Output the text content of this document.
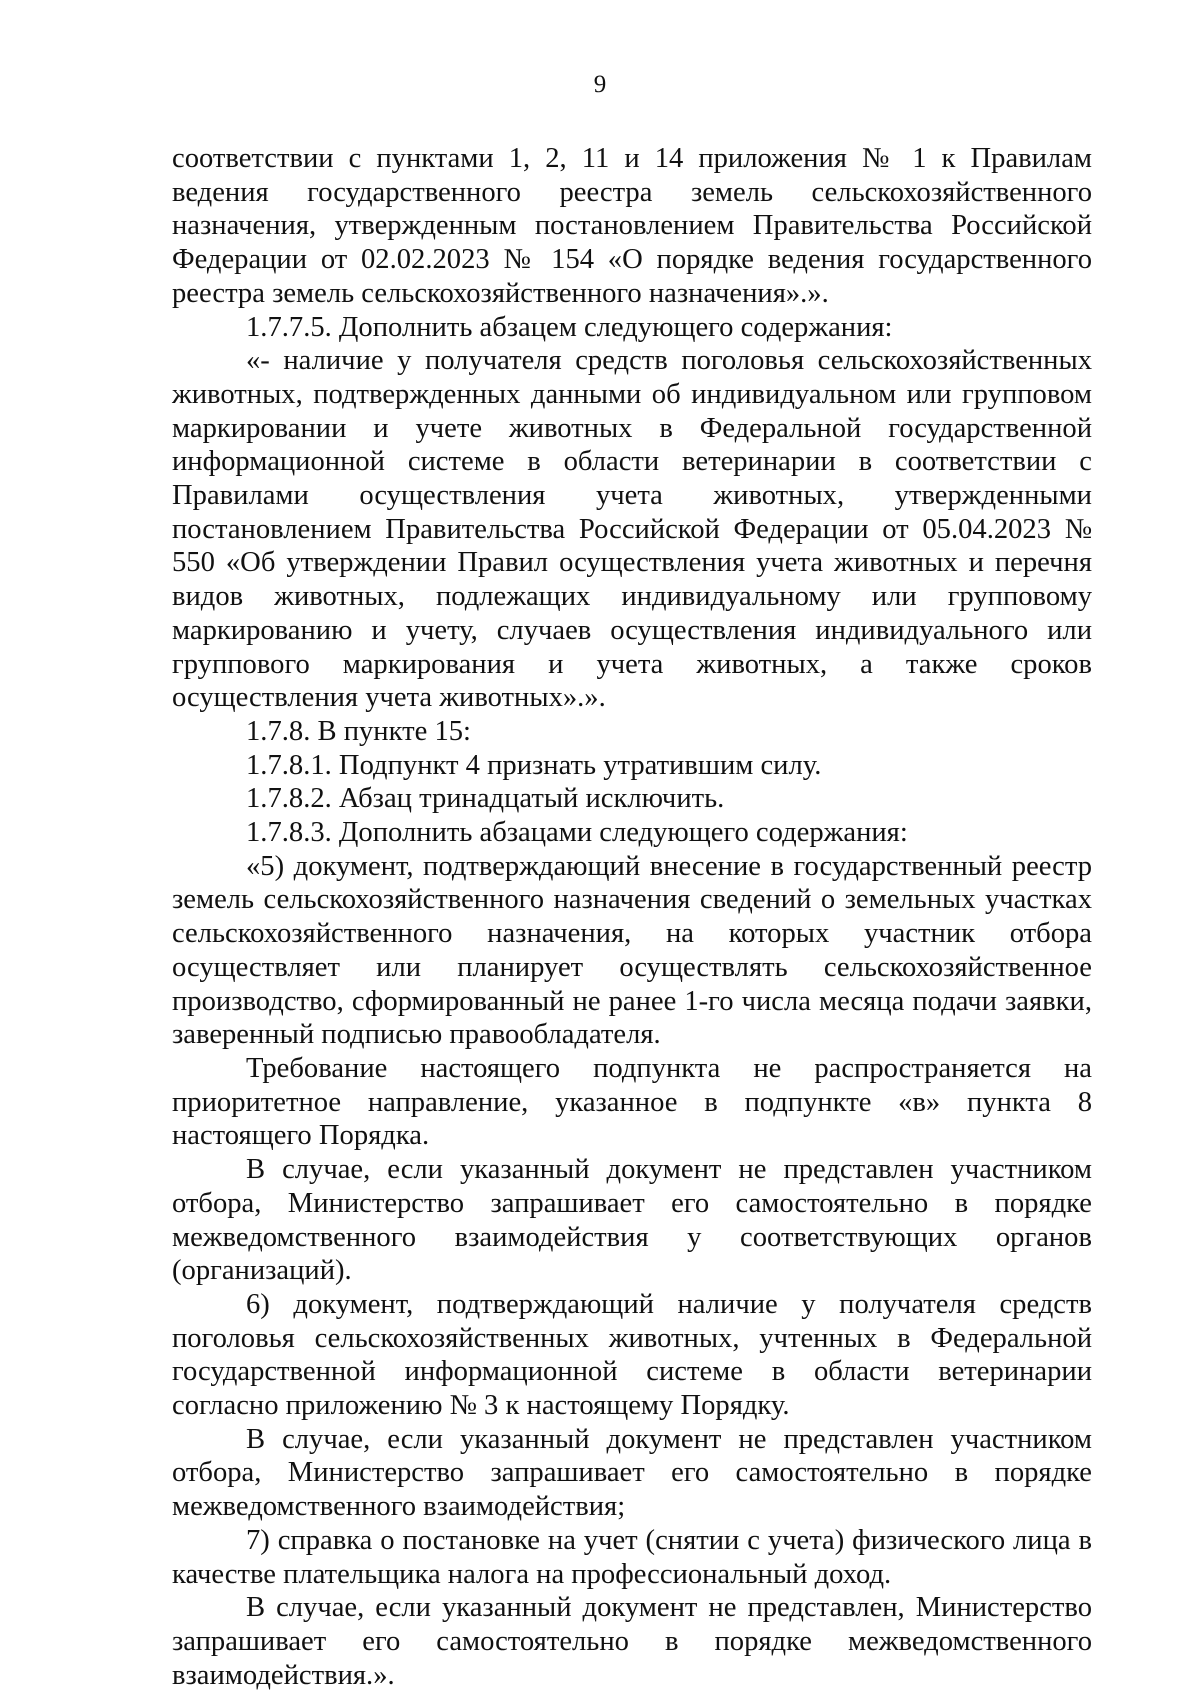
9

соответствии с пунктами 1, 2, 11 и 14 приложения № 1 к Правилам ведения государственного реестра земель сельскохозяйственного назначения, утвержденным постановлением Правительства Российской Федерации от 02.02.2023 № 154 «О порядке ведения государственного реестра земель сельскохозяйственного назначения».».

1.7.7.5. Дополнить абзацем следующего содержания:

«- наличие у получателя средств поголовья сельскохозяйственных животных, подтвержденных данными об индивидуальном или групповом маркировании и учете животных в Федеральной государственной информационной системе в области ветеринарии в соответствии с Правилами осуществления учета животных, утвержденными постановлением Правительства Российской Федерации от 05.04.2023 № 550 «Об утверждении Правил осуществления учета животных и перечня видов животных, подлежащих индивидуальному или групповому маркированию и учету, случаев осуществления индивидуального или группового маркирования и учета животных, а также сроков осуществления учета животных».».

1.7.8. В пункте 15:

1.7.8.1. Подпункт 4 признать утратившим силу.

1.7.8.2. Абзац тринадцатый исключить.

1.7.8.3. Дополнить абзацами следующего содержания:

«5) документ, подтверждающий внесение в государственный реестр земель сельскохозяйственного назначения сведений о земельных участках сельскохозяйственного назначения, на которых участник отбора осуществляет или планирует осуществлять сельскохозяйственное производство, сформированный не ранее 1-го числа месяца подачи заявки, заверенный подписью правообладателя.

Требование настоящего подпункта не распространяется на приоритетное направление, указанное в подпункте «в» пункта 8 настоящего Порядка.

В случае, если указанный документ не представлен участником отбора, Министерство запрашивает его самостоятельно в порядке межведомственного взаимодействия у соответствующих органов (организаций).

6) документ, подтверждающий наличие у получателя средств поголовья сельскохозяйственных животных, учтенных в Федеральной государственной информационной системе в области ветеринарии согласно приложению № 3 к настоящему Порядку.

В случае, если указанный документ не представлен участником отбора, Министерство запрашивает его самостоятельно в порядке межведомственного взаимодействия;

7) справка о постановке на учет (снятии с учета) физического лица в качестве плательщика налога на профессиональный доход.

В случае, если указанный документ не представлен, Министерство запрашивает его самостоятельно в порядке межведомственного взаимодействия.».
